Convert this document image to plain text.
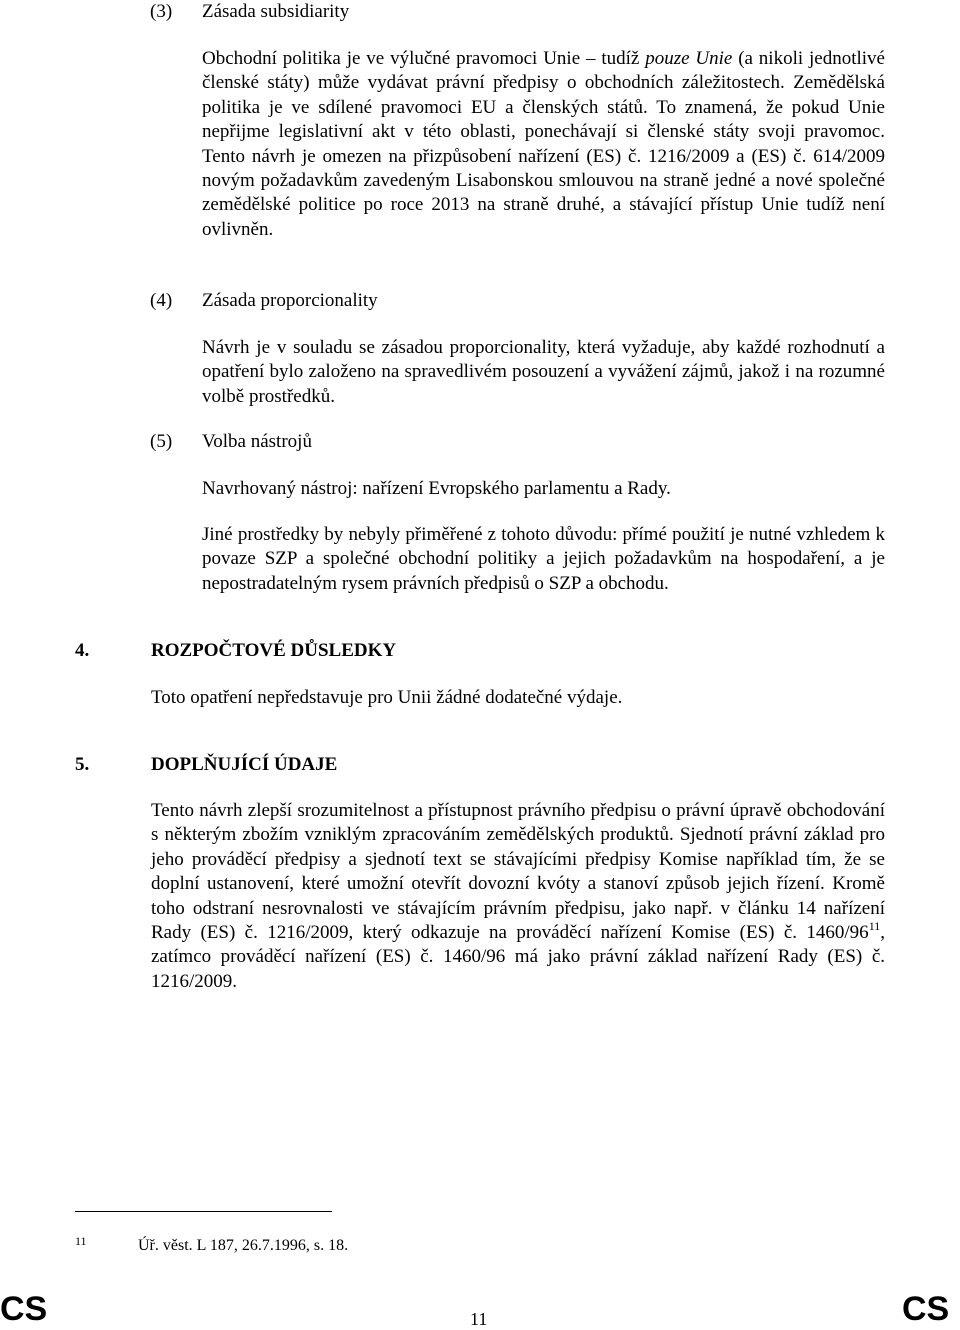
(3) Zásada subsidiarity

Obchodní politika je ve výlučné pravomoci Unie – tudíž pouze Unie (a nikoli jednotlivé členské státy) může vydávat právní předpisy o obchodních záležitostech. Zemědělská politika je ve sdílené pravomoci EU a členských států. To znamená, že pokud Unie nepřijme legislativní akt v této oblasti, ponechávají si členské státy svoji pravomoc. Tento návrh je omezen na přizpůsobení nařízení (ES) č. 1216/2009 a (ES) č. 614/2009 novým požadavkům zavedeným Lisabonskou smlouvou na straně jedné a nové společné zemědělské politice po roce 2013 na straně druhé, a stávající přístup Unie tudíž není ovlivněn.

(4) Zásada proporcionality

Návrh je v souladu se zásadou proporcionality, která vyžaduje, aby každé rozhodnutí a opatření bylo založeno na spravedlivém posouzení a vyvážení zájmů, jakož i na rozumné volbě prostředků.

(5) Volba nástrojů

Navrhovaný nástroj: nařízení Evropského parlamentu a Rady.

Jiné prostředky by nebyly přiměřené z tohoto důvodu: přímé použití je nutné vzhledem k povaze SZP a společné obchodní politiky a jejich požadavkům na hospodaření, a je nepostradatelným rysem právních předpisů o SZP a obchodu.

4.	ROZPOČTOVÉ DŮSLEDKY

Toto opatření nepředstavuje pro Unii žádné dodatečné výdaje.

5.	DOPLŇUJÍCÍ ÚDAJE

Tento návrh zlepší srozumitelnost a přístupnost právního předpisu o právní úpravě obchodování s některým zbožím vzniklým zpracováním zemědělských produktů. Sjednotí právní základ pro jeho prováděcí předpisy a sjednotí text se stávajícími předpisy Komise například tím, že se doplní ustanovení, které umožní otevřít dovozní kvóty a stanoví způsob jejich řízení. Kromě toho odstraní nesrovnalosti ve stávajícím právním předpisu, jako např. v článku 14 nařízení Rady (ES) č. 1216/2009, který odkazuje na prováděcí nařízení Komise (ES) č. $1460/96^{11}$, zatímco prováděcí nařízení (ES) č. 1460/96 má jako právní základ nařízení Rady (ES) č. 1216/2009.

11	Úř. věst. L 187, 26.7.1996, s. 18.
CS	11	CS
